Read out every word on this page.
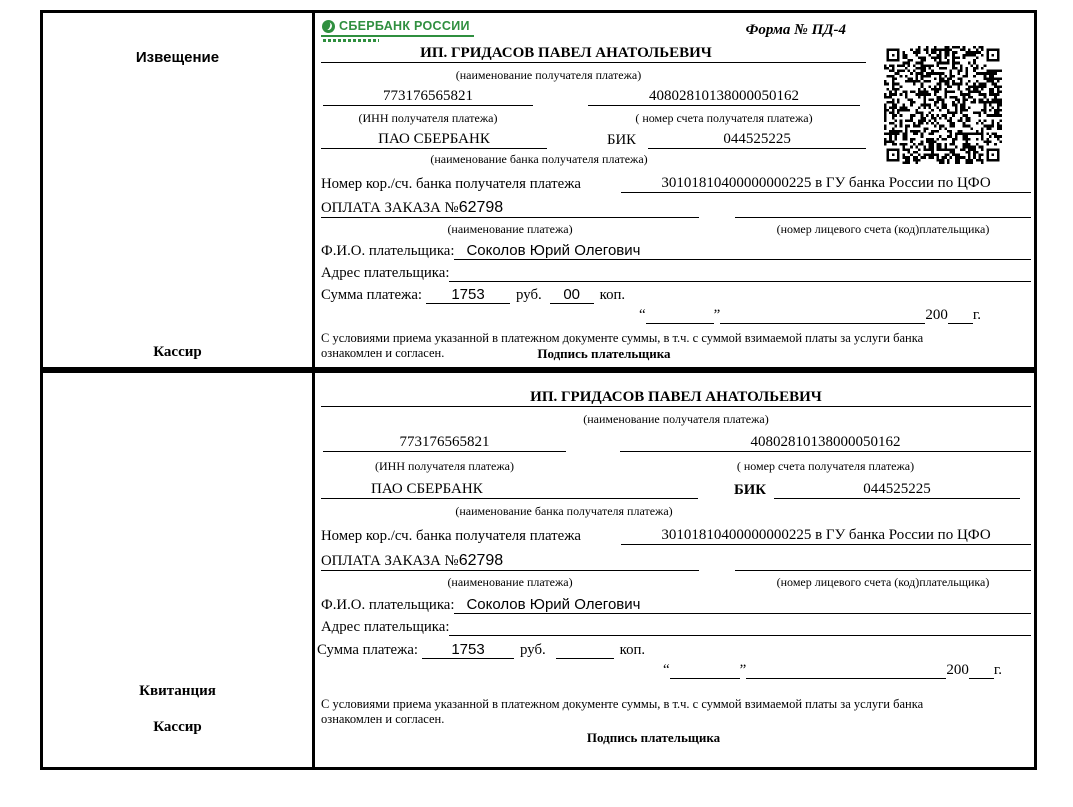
Извещение
Кассир
СБЕРБАНК РОССИИ	Форма № ПД-4
ИП. ГРИДАСОВ ПАВЕЛ АНАТОЛЬЕВИЧ
(наименование получателя платежа)
773176565821	40802810138000050162
(ИНН получателя платежа)	( номер счета получателя платежа)
ПАО СБЕРБАНК	БИК	044525225
(наименование банка получателя платежа)
Номер кор./сч. банка получателя платежа	30101810400000000225 в ГУ банка России по ЦФО
ОПЛАТА ЗАКАЗА №62798
(наименование платежа)	(номер лицевого счета (код)плательщика)
Ф.И.О. плательщика: Соколов Юрий Олегович
Адрес плательщика:
Сумма платежа:	1753	руб.	00	коп.
“	”	200 г.
С условиями приема указанной в платежном документе суммы, в т.ч. с суммой взимаемой платы за услуги банка
ознакомлен и согласен.	Подпись плательщика
Квитанция
Кассир
ИП. ГРИДАСОВ ПАВЕЛ АНАТОЛЬЕВИЧ
(наименование получателя платежа)
773176565821	40802810138000050162
(ИНН получателя платежа)	( номер счета получателя платежа)
ПАО СБЕРБАНК	БИК	044525225
(наименование банка получателя платежа)
Номер кор./сч. банка получателя платежа	30101810400000000225 в ГУ банка России по ЦФО
ОПЛАТА ЗАКАЗА №62798
(наименование платежа)	(номер лицевого счета (код)плательщика)
Ф.И.О. плательщика: Соколов Юрий Олегович
Адрес плательщика:
Сумма платежа:	1753	руб.	коп.
“	”	200 г.
С условиями приема указанной в платежном документе суммы, в т.ч. с суммой взимаемой платы за услуги банка
ознакомлен и согласен.
Подпись плательщика
